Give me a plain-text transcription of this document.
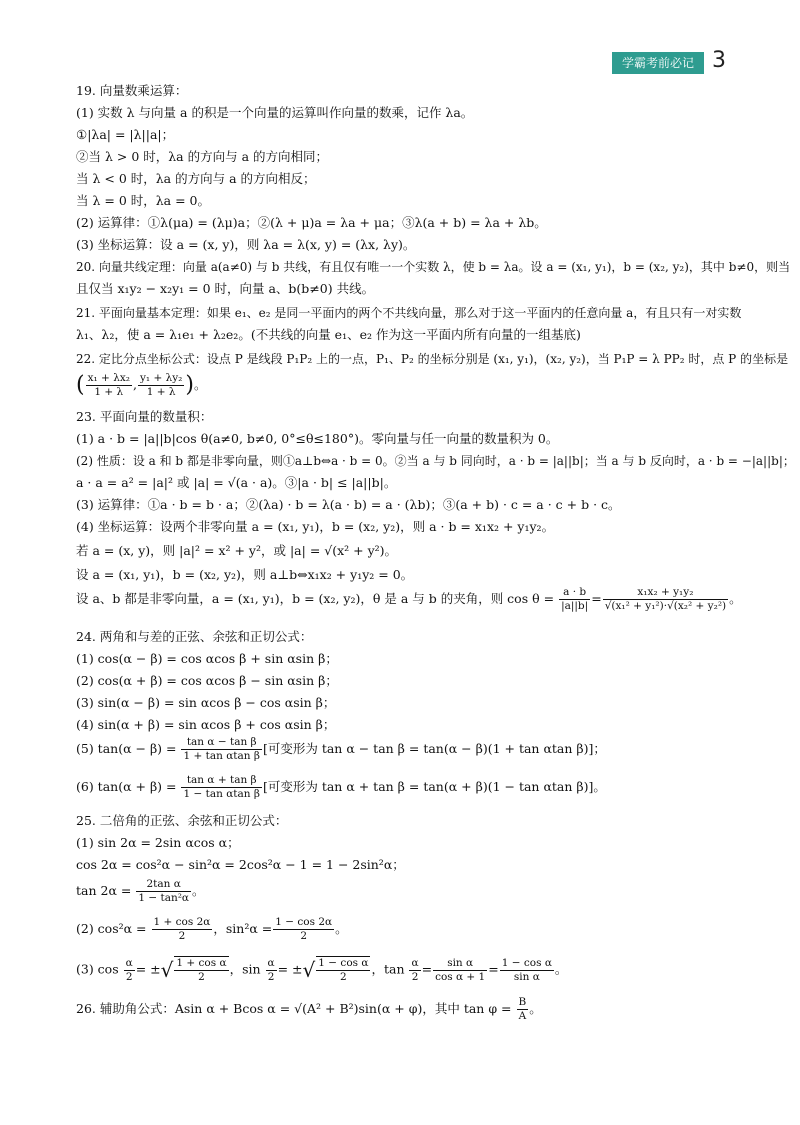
学霸考前必记 3
19. 向量数乘运算：
(1) 实数 λ 与向量 a 的积是一个向量的运算叫作向量的数乘，记作 λa。
①|λa| = |λ||a|；
②当 λ > 0 时，λa 的方向与 a 的方向相同；
当 λ < 0 时，λa 的方向与 a 的方向相反；
当 λ = 0 时，λa = 0。
(2) 运算律：①λ(μa) = (λμ)a；②(λ + μ)a = λa + μa；③λ(a + b) = λa + λb。
(3) 坐标运算：设 a = (x, y)，则 λa = λ(x, y) = (λx, λy)。
20. 向量共线定理：向量 a(a≠0) 与 b 共线，有且仅有唯一一个实数 λ，使 b = λa。设 a = (x₁, y₁)，b = (x₂, y₂)，其中 b≠0，则当
且仅当 x₁y₂ − x₂y₁ = 0 时，向量 a、b(b≠0) 共线。
21. 平面向量基本定理：如果 e₁、e₂ 是同一平面内的两个不共线向量，那么对于这一平面内的任意向量 a，有且只有一对实数
λ₁、λ₂，使 a = λ₁e₁ + λ₂e₂。(不共线的向量 e₁、e₂ 作为这一平面内所有向量的一组基底)
22. 定比分点坐标公式：设点 P 是线段 P₁P₂ 上的一点，P₁、P₂ 的坐标分别是 (x₁, y₁)，(x₂, y₂)，当 P₁P = λ PP₂ 时，点 P 的坐标是
( $\frac{\text{x₁ + λx₂}}{1 + \lambda}$ , $\frac{\text{y₁ + λy₂}}{1 + \lambda}$ )。
23. 平面向量的数量积：
(1) a · b = |a||b|cos θ(a≠0, b≠0, 0°≤θ≤180°)。零向量与任一向量的数量积为 0。
(2) 性质：设 a 和 b 都是非零向量，则①a⊥b⇔a · b = 0。②当 a 与 b 同向时，a · b = |a||b|；当 a 与 b 反向时，a · b = −|a||b|；
a · a = a² = |a|² 或 |a| = √(a · a)。③|a · b| ≤ |a||b|。
(3) 运算律：①a · b = b · a；②(λa) · b = λ(a · b) = a · (λb)；③(a + b) · c = a · c + b · c。
(4) 坐标运算：设两个非零向量 a = (x₁, y₁)，b = (x₂, y₂)，则 a · b = x₁x₂ + y₁y₂。
若 a = (x, y)，则 |a|² = x² + y²，或 |a| = √(x² + y²)。
设 a = (x₁, y₁)，b = (x₂, y₂)，则 a⊥b⇔x₁x₂ + y₁y₂ = 0。
设 a、b 都是非零向量，a = (x₁, y₁)，b = (x₂, y₂)，θ 是 a 与 b 的夹角，则 $\cos \theta = \frac{a \cdot b}{|a||b|} = \frac{\text{x₁x₂ + y₁y₂}}{\text{√(x₁² + y₁²)·√(x₂² + y₂²)}}$ 。
24. 两角和与差的正弦、余弦和正切公式：
(1) cos(α − β) = cos αcos β + sin αsin β；
(2) cos(α + β) = cos αcos β − sin αsin β；
(3) sin(α − β) = sin αcos β − cos αsin β；
(4) sin(α + β) = sin αcos β + cos αsin β；
(5) $\tan(\alpha - \beta) = \frac{\text{tan α − tan β}}{\text{1 + tan αtan β}}$ [可变形为 tan α − tan β = tan(α − β)(1 + tan αtan β)]；
(6) $\tan(\alpha + \beta) = \frac{\text{tan α + tan β}}{\text{1 − tan αtan β}}$ [可变形为 tan α + tan β = tan(α + β)(1 − tan αtan β)]。
25. 二倍角的正弦、余弦和正切公式：
(1) sin 2α = 2sin αcos α；
cos 2α = cos²α − sin²α = 2cos²α − 1 = 1 − 2sin²α；
$\tan 2\alpha = \frac{\text{2tan α}}{\text{1 − tan²α}}$ 。
(2) $\cos^2\alpha = \frac{1 + \cos 2\alpha}{2}$ ，$\sin^2\alpha = \frac{1 - \cos 2\alpha}{2}$ 。
(3) $\cos \frac{\alpha}{2}$ = ±√ $\frac{\text{1 + cos α}}{2}$ ，$\sin \frac{\alpha}{2}$ = ±√ $\frac{\text{1 − cos α}}{2}$ ，$\tan \frac{\alpha}{2} = \frac{\text{sin α}}{\text{cos α + 1}} = \frac{\text{1 − cos α}}{\text{sin α}}$ 。
26. 辅助角公式：Asin α + Bcos α = √(A² + B²)sin(α + φ)，其中 $\tan \varphi = \frac{B}{A}$ 。
